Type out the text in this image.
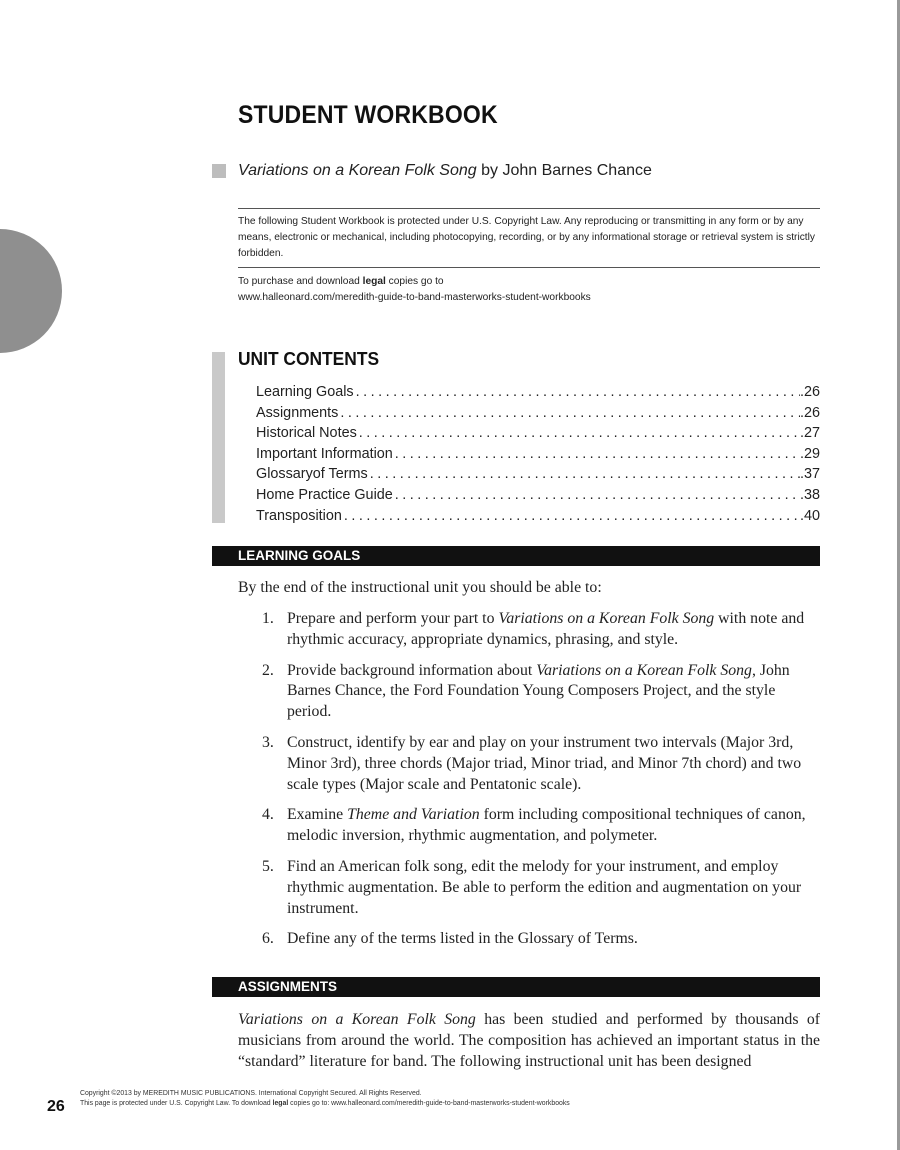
STUDENT WORKBOOK
Variations on a Korean Folk Song by John Barnes Chance
The following Student Workbook is protected under U.S. Copyright Law. Any reproducing or transmitting in any form or by any means, electronic or mechanical, including photocopying, recording, or by any informational storage or retrieval system is strictly forbidden.
To purchase and download legal copies go to
www.halleonard.com/meredith-guide-to-band-masterworks-student-workbooks
UNIT CONTENTS
Learning Goals . . .	.26
Assignments . . .	.26
Historical Notes . . .	.27
Important Information . . .	.29
Glossaryof Terms . . .	.37
Home Practice Guide . . .	.38
Transposition . . .	.40
LEARNING GOALS
By the end of the instructional unit you should be able to:
1. Prepare and perform your part to Variations on a Korean Folk Song with note and rhythmic accuracy, appropriate dynamics, phrasing, and style.
2. Provide background information about Variations on a Korean Folk Song, John Barnes Chance, the Ford Foundation Young Composers Project, and the style period.
3. Construct, identify by ear and play on your instrument two intervals (Major 3rd, Minor 3rd), three chords (Major triad, Minor triad, and Minor 7th chord) and two scale types (Major scale and Pentatonic scale).
4. Examine Theme and Variation form including compositional techniques of canon, melodic inversion, rhythmic augmentation, and polymeter.
5. Find an American folk song, edit the melody for your instrument, and employ rhythmic augmentation. Be able to perform the edition and augmentation on your instrument.
6. Define any of the terms listed in the Glossary of Terms.
ASSIGNMENTS
Variations on a Korean Folk Song has been studied and performed by thousands of musicians from around the world. The composition has achieved an important status in the “standard” literature for band. The following instructional unit has been designed
26
Copyright ©2013 by MEREDITH MUSIC PUBLICATIONS. International Copyright Secured. All Rights Reserved.
This page is protected under U.S. Copyright Law. To download legal copies go to: www.halleonard.com/meredith-guide-to-band-masterworks-student-workbooks
